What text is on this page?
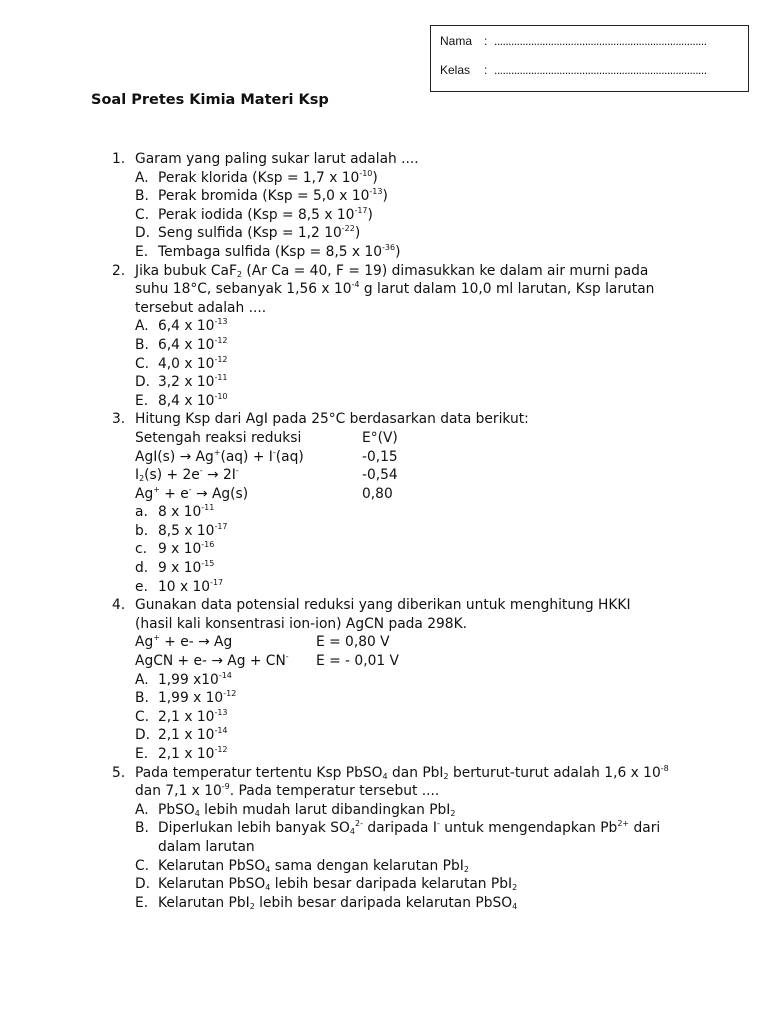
Nama : ...........................................................................
Kelas	: ...........................................................................
Soal Pretes Kimia Materi Ksp
1. Garam yang paling sukar larut adalah ....
A. Perak klorida (Ksp = 1,7 x $10^{-10}$)
B. Perak bromida (Ksp = 5,0 x $10^{-13}$)
C. Perak iodida (Ksp = 8,5 x $10^{-17}$)
D. Seng sulfida (Ksp = 1,2 $10^{-22}$)
E. Tembaga sulfida (Ksp = 8,5 x $10^{-36}$)
2. Jika bubuk CaF$_2$ (Ar Ca = 40, F = 19) dimasukkan ke dalam air murni pada
suhu 18°C, sebanyak 1,56 x $10^{-4}$ g larut dalam 10,0 ml larutan, Ksp larutan
tersebut adalah ....
A. 6,4 x $10^{-13}$
B. 6,4 x $10^{-12}$
C. 4,0 x $10^{-12}$
D. 3,2 x $10^{-11}$
E. 8,4 x $10^{-10}$
3. Hitung Ksp dari AgI pada 25°C berdasarkan data berikut:
Setengah reaksi reduksi	E°(V)
AgI(s) → Ag+(aq) + I-(aq)	-0,15
$I_2(s) + 2e^- \to 2I^-$	-0,54
Ag+ + e- → Ag(s)	0,80
a. 8 x $10^{-11}$
b. 8,5 x $10^{-17}$
c. 9 x $10^{-16}$
d. 9 x $10^{-15}$
e. 10 x $10^{-17}$
4. Gunakan data potensial reduksi yang diberikan untuk menghitung HKKI
(hasil kali konsentrasi ion-ion) AgCN pada 298K.
Ag+ + e- → Ag	E = 0,80 V
AgCN + e- → Ag + CN-	E = - 0,01 V
A. 1,99 $x10^{-14}$
B. 1,99 x $10^{-12}$
C. 2,1 x $10^{-13}$
D. 2,1 x $10^{-14}$
E. 2,1 x $10^{-12}$
5. Pada temperatur tertentu Ksp PbSO$_4$ dan PbI$_2$ berturut-turut adalah 1,6 x $10^{-8}$
dan 7,1 x $10^{-9}$. Pada temperatur tersebut ....
A. PbSO$_4$ lebih mudah larut dibandingkan PbI$_2$
B. Diperlukan lebih banyak $SO_4^{2-}$ daripada I- untuk mengendapkan $Pb^{2+}$ dari
dalam larutan
C. Kelarutan PbSO$_4$ sama dengan kelarutan PbI$_2$
D. Kelarutan PbSO$_4$ lebih besar daripada kelarutan PbI$_2$
E. Kelarutan PbI$_2$ lebih besar daripada kelarutan PbSO$_4$
